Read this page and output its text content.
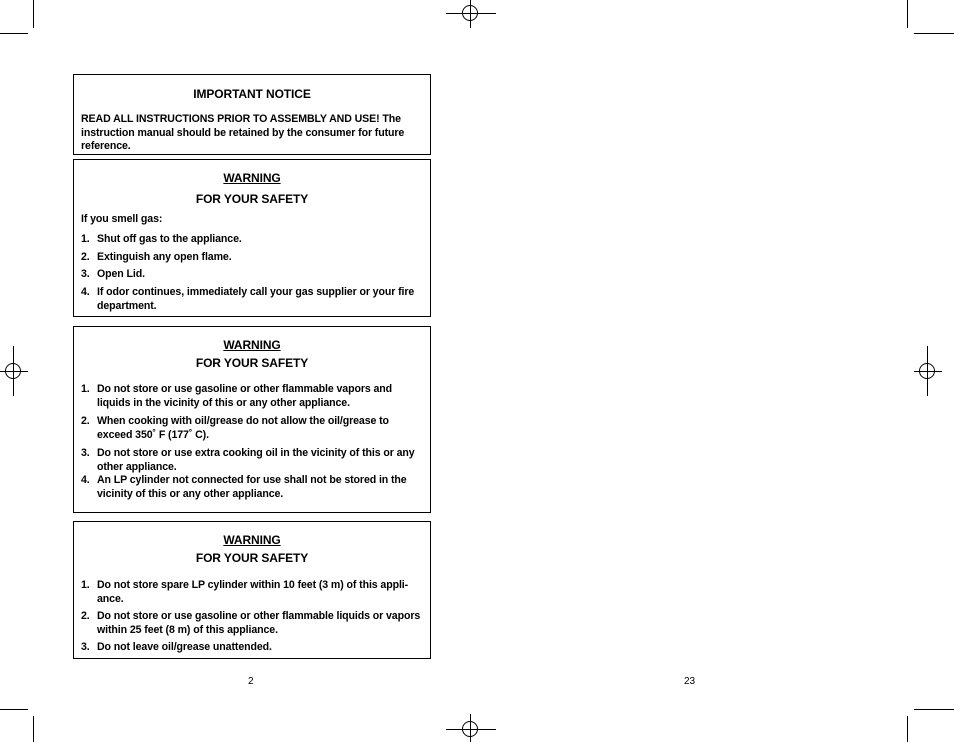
IMPORTANT NOTICE
READ ALL INSTRUCTIONS PRIOR TO ASSEMBLY AND USE! The instruction manual should be retained by the consumer for future reference.
WARNING
FOR YOUR SAFETY
If you smell gas:
1. Shut off gas to the appliance.
2. Extinguish any open flame.
3. Open Lid.
4. If odor continues, immediately call your gas supplier or your fire department.
WARNING
FOR YOUR SAFETY
1. Do not store or use gasoline or other flammable vapors and liquids in the vicinity of this or any other appliance.
2. When cooking with oil/grease do not allow the oil/grease to exceed 350˚ F (177˚ C).
3. Do not store or use extra cooking oil in the vicinity of this or any other appliance.
4. An LP cylinder not connected for use shall not be stored in the vicinity of this or any other appliance.
WARNING
FOR YOUR SAFETY
1. Do not store spare LP cylinder within 10 feet (3 m) of this appli- ance.
2. Do not store or use gasoline or other flammable liquids or vapors within 25 feet (8 m) of this appliance.
3. Do not leave oil/grease unattended.
2	23
